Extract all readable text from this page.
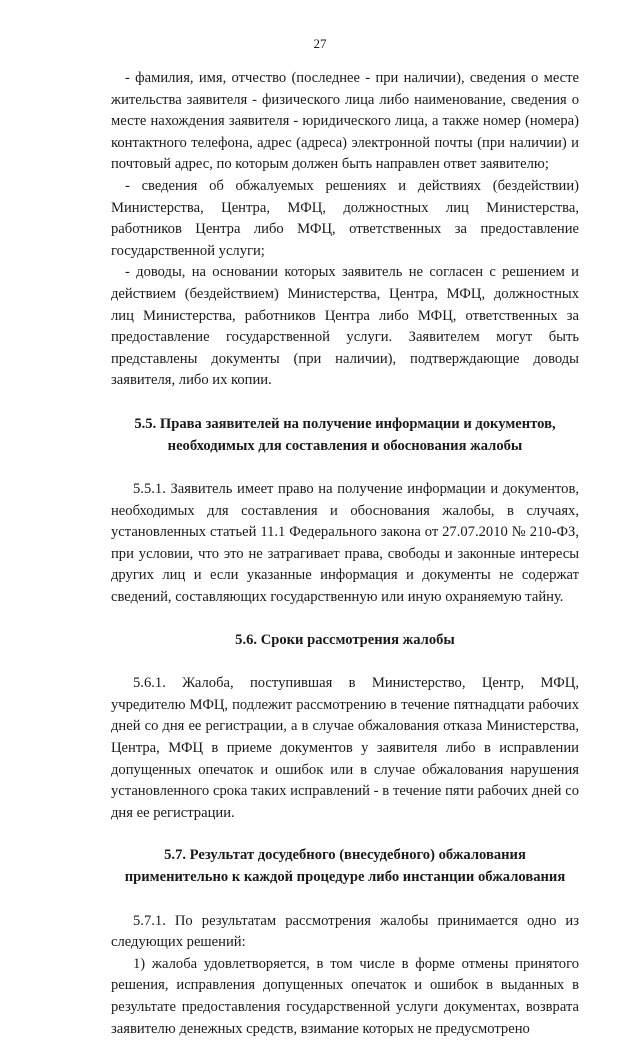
27

- фамилия, имя, отчество (последнее - при наличии), сведения о месте жительства заявителя - физического лица либо наименование, сведения о месте нахождения заявителя - юридического лица, а также номер (номера) контактного телефона, адрес (адреса) электронной почты (при наличии) и почтовый адрес, по которым должен быть направлен ответ заявителю;

- сведения об обжалуемых решениях и действиях (бездействии) Министерства, Центра, МФЦ, должностных лиц Министерства, работников Центра либо МФЦ, ответственных за предоставление государственной услуги;

- доводы, на основании которых заявитель не согласен с решением и действием (бездействием) Министерства, Центра, МФЦ, должностных лиц Министерства, работников Центра либо МФЦ, ответственных за предоставление государственной услуги. Заявителем могут быть представлены документы (при наличии), подтверждающие доводы заявителя, либо их копии.

5.5. Права заявителей на получение информации и документов, необходимых для составления и обоснования жалобы

5.5.1. Заявитель имеет право на получение информации и документов, необходимых для составления и обоснования жалобы, в случаях, установленных статьей 11.1 Федерального закона от 27.07.2010 № 210-ФЗ, при условии, что это не затрагивает права, свободы и законные интересы других лиц и если указанные информация и документы не содержат сведений, составляющих государственную или иную охраняемую тайну.

5.6. Сроки рассмотрения жалобы

5.6.1. Жалоба, поступившая в Министерство, Центр, МФЦ, учредителю МФЦ, подлежит рассмотрению в течение пятнадцати рабочих дней со дня ее регистрации, а в случае обжалования отказа Министерства, Центра, МФЦ в приеме документов у заявителя либо в исправлении допущенных опечаток и ошибок или в случае обжалования нарушения установленного срока таких исправлений - в течение пяти рабочих дней со дня ее регистрации.

5.7. Результат досудебного (внесудебного) обжалования применительно к каждой процедуре либо инстанции обжалования

5.7.1. По результатам рассмотрения жалобы принимается одно из следующих решений:

1) жалоба удовлетворяется, в том числе в форме отмены принятого решения, исправления допущенных опечаток и ошибок в выданных в результате предоставления государственной услуги документах, возврата заявителю денежных средств, взимание которых не предусмотрено
